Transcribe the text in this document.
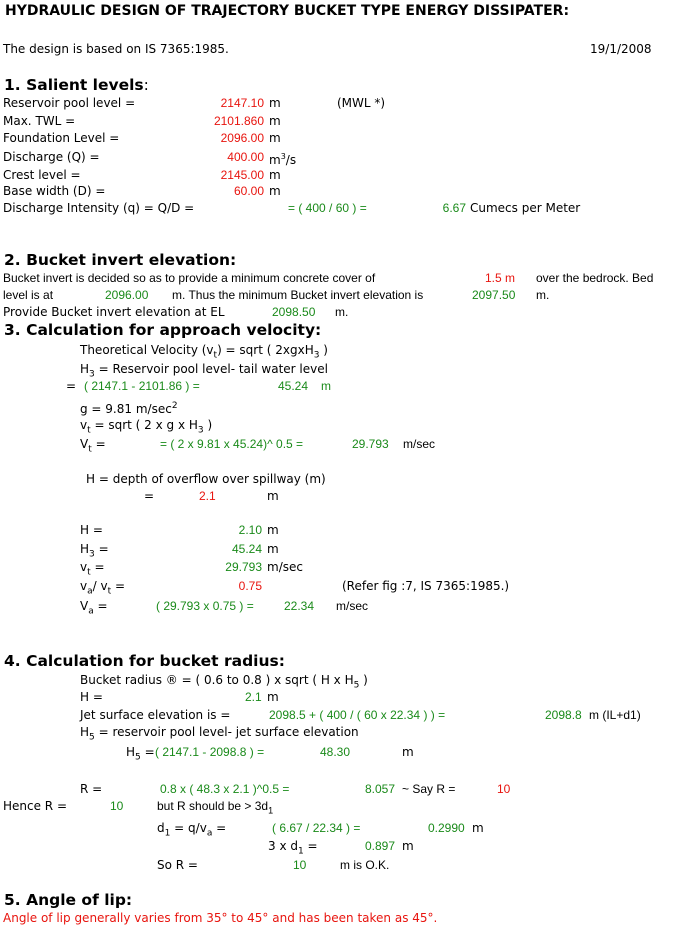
HYDRAULIC DESIGN OF TRAJECTORY BUCKET TYPE ENERGY DISSIPATER:
The design is based on IS 7365:1985.	19/1/2008
1. Salient levels:
Reservoir pool level =	2147.10 m	(MWL *)
Max. TWL =	2101.860 m
Foundation Level =	2096.00 m
Discharge (Q) =	400.00 $m^3/s$
Crest level =	2145.00 m
Base width (D) =	60.00 m
Discharge Intensity (q) = Q/D =	= ( 400 / 60 ) =	6.67 Cumecs per Meter
2. Bucket invert elevation:
Bucket invert is decided so as to provide a minimum concrete cover of	1.5 m over the bedrock. Bed
level is at	2096.00 m. Thus the minimum Bucket invert elevation is	2097.50 m.
Provide Bucket invert elevation at EL	2098.50 m.
3. Calculation for approach velocity:
Theoretical Velocity $(v_t)$ = sqrt ( 2xgxH$_3$ )
$H_3$ = Reservoir pool level- tail water level
= ( 2147.1 - 2101.86 ) =	45.24 m
g = 9.81 $m/\sec^2$
$v_t$ = sqrt ( 2 x g x $H_3$ )
$V_t$ =	= ( 2 x 9.81 x 45.24)^ 0.5 =	29.793 m/sec
H = depth of overflow over spillway (m)
=	2.1	m
H =	2.10 m
$H_3$ =	45.24 m
$v_t$ =	29.793 m/sec
$v_a/$ $v_t$ =	0.75	(Refer fig :7, IS 7365:1985.)
$V_a$ =	( 29.793 x 0.75 ) =	22.34 m/sec
4. Calculation for bucket radius:
Bucket radius ® = ( 0.6 to 0.8 ) x sqrt ( H x $H_5$ )
H =	2.1 m
Jet surface elevation is =	2098.5 + ( 400 / ( 60 x 22.34 ) ) =	2098.8 m (IL+d1)
$H_5$ = reservoir pool level- jet surface elevation
$H_5$ = ( 2147.1 - 2098.8 ) =	48.30	m
R =	0.8 x ( 48.3 x 2.1 )^0.5 =	8.057 ~ Say R =	10
Hence R =	10	but R should be > $3d_1$
$d_1 = q/v_a$ =	( 6.67 / 22.34 ) =	0.2990 m
3 x $d_1$ =	0.897 m
So R =	10	m is O.K.
5. Angle of lip:
Angle of lip generally varies from 35° to 45° and has been taken as 45°.
